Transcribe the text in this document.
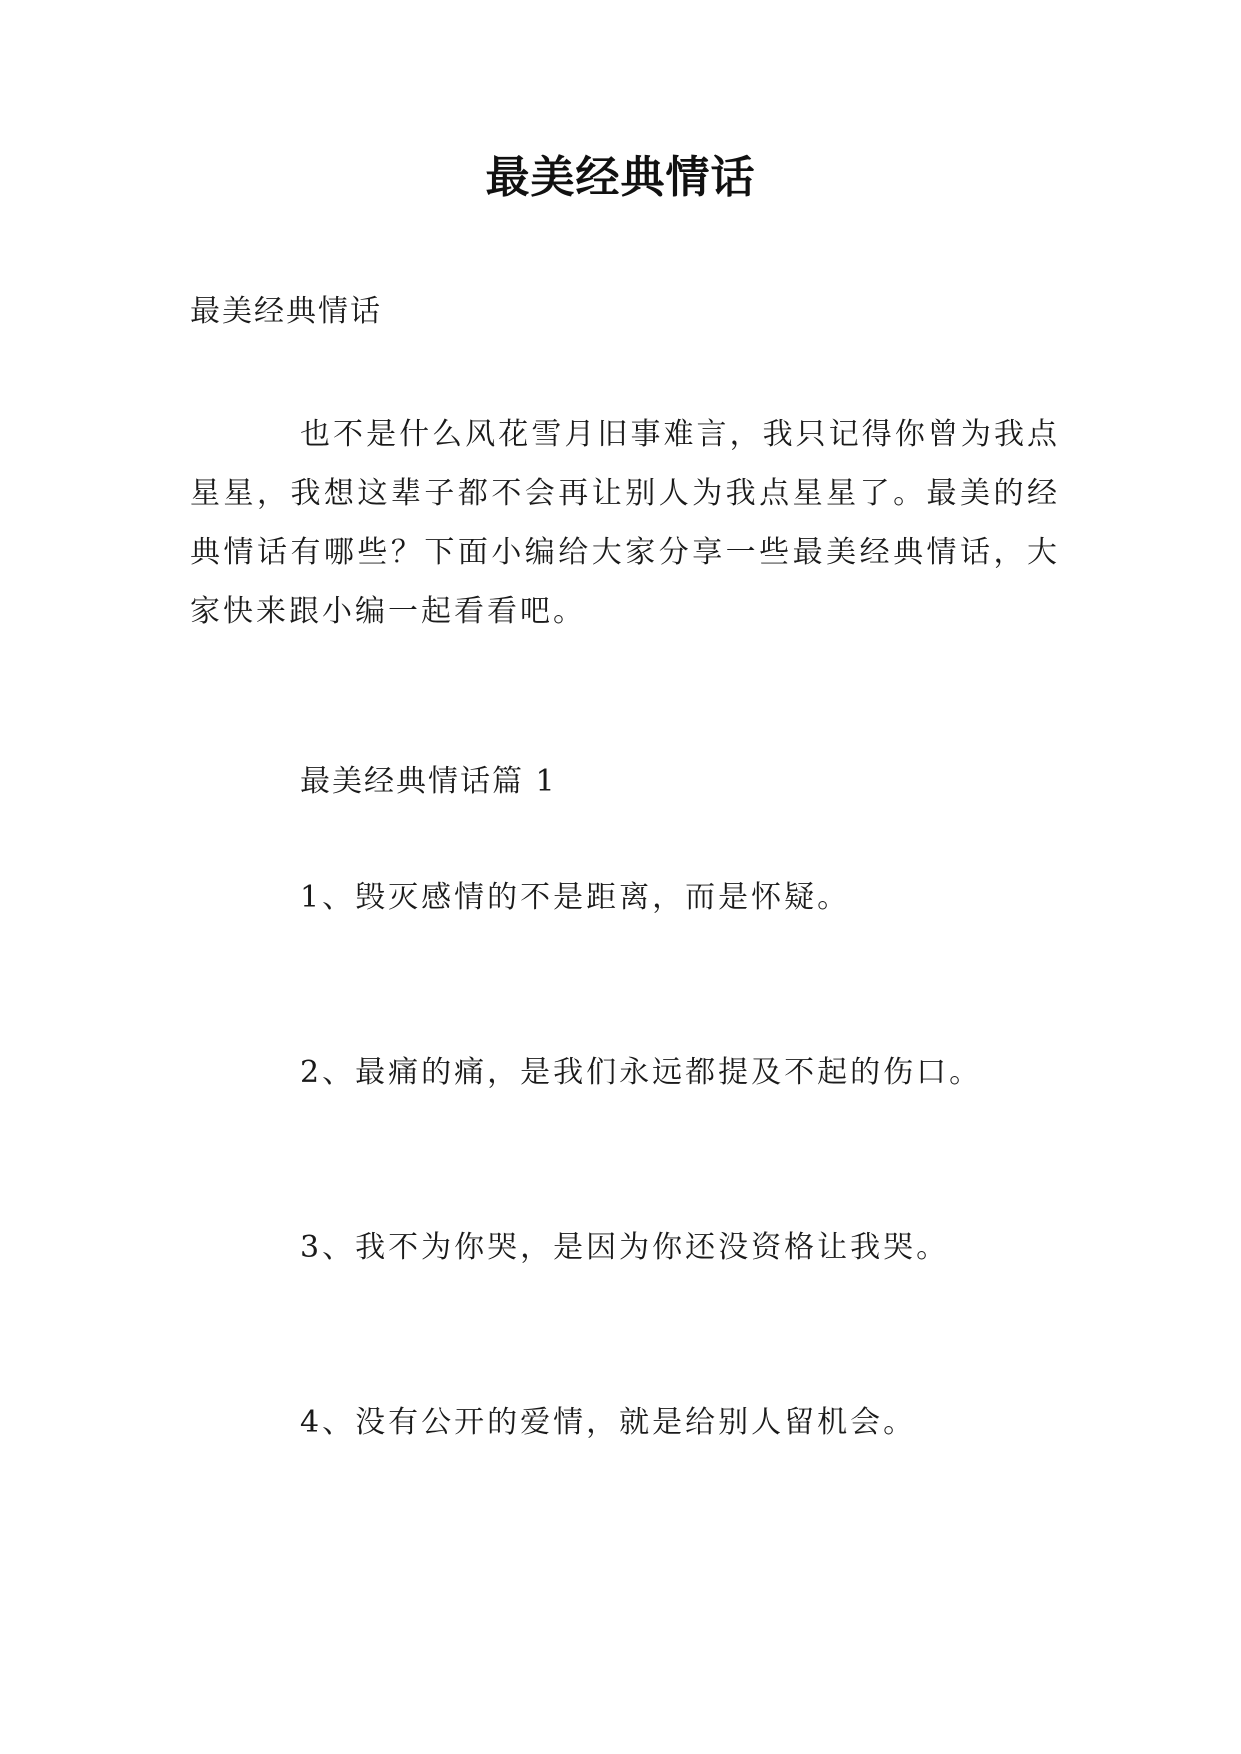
最美经典情话
最美经典情话

也不是什么风花雪月旧事难言，我只记得你曾为我点星星，我想这辈子都不会再让别人为我点星星了。最美的经典情话有哪些？下面小编给大家分享一些最美经典情话，大家快来跟小编一起看看吧。

最美经典情话篇 1
1、毁灭感情的不是距离，而是怀疑。
2、最痛的痛，是我们永远都提及不起的伤口。
3、我不为你哭，是因为你还没资格让我哭。
4、没有公开的爱情，就是给别人留机会。
